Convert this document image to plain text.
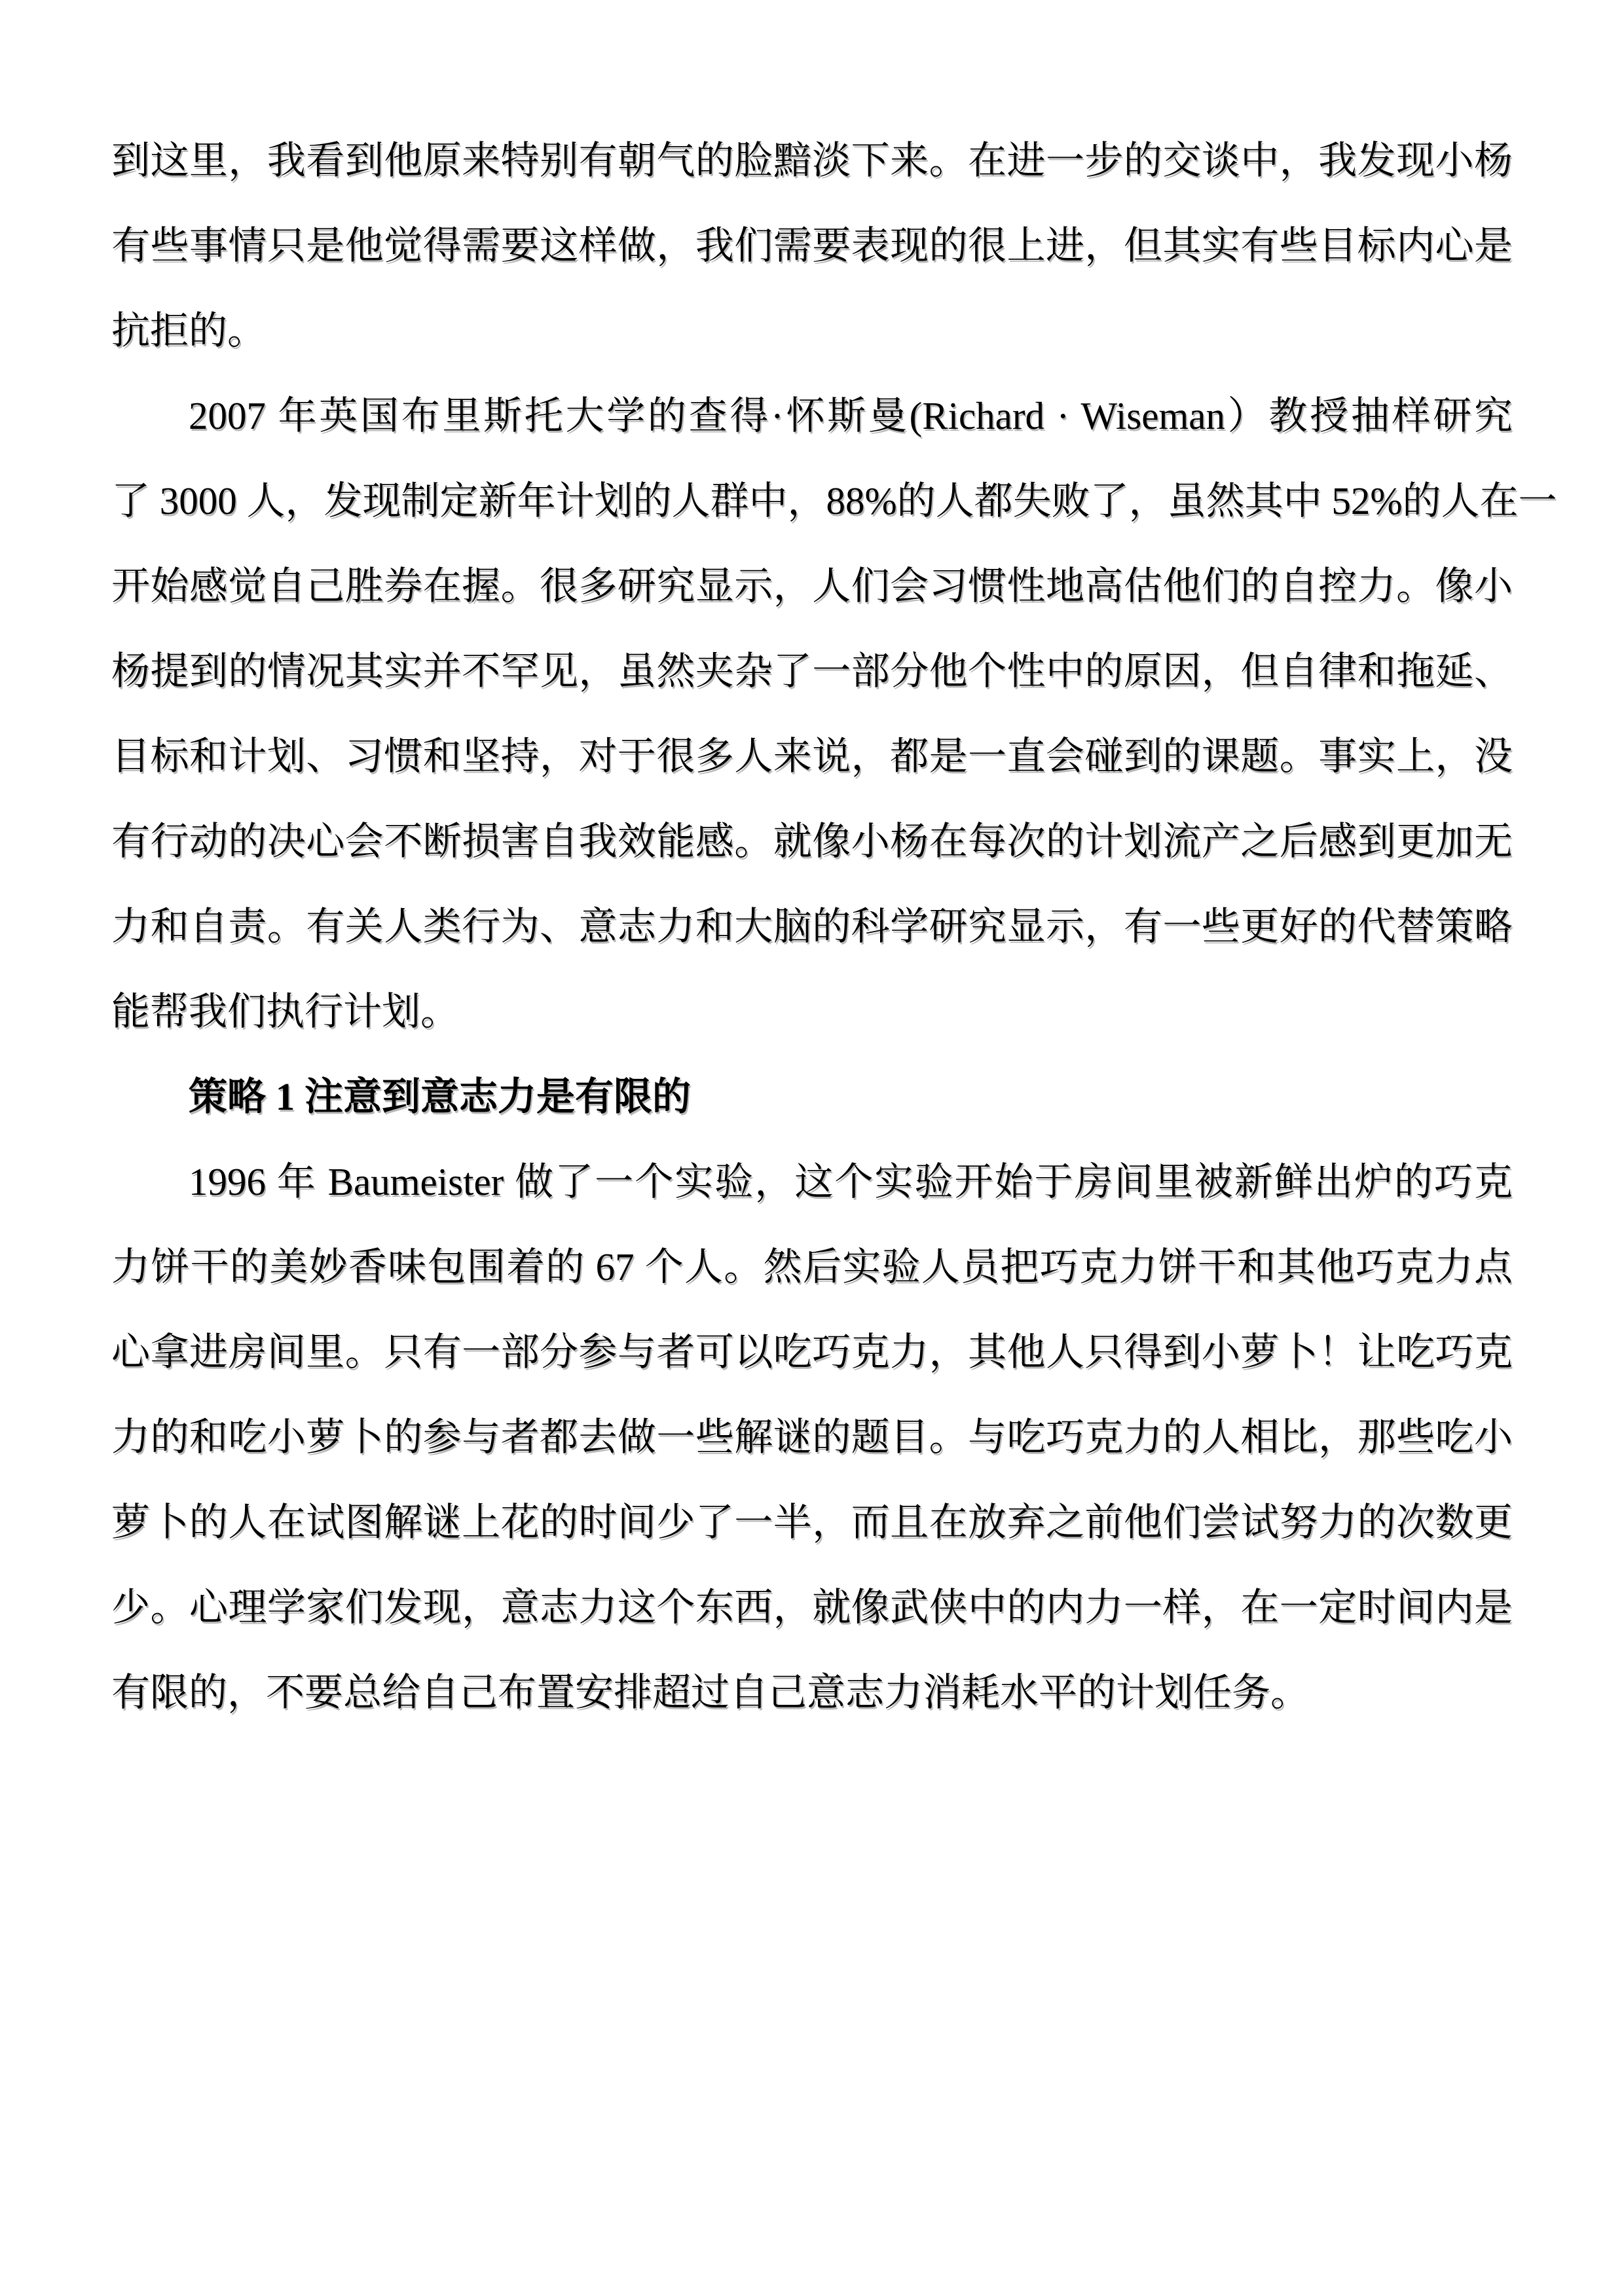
到这里，我看到他原来特别有朝气的脸黯淡下来。在进一步的交谈中，我发现小杨
有些事情只是他觉得需要这样做，我们需要表现的很上进，但其实有些目标内心是
抗拒的。
2007 年英国布里斯托大学的查得·怀斯曼(Richard · Wiseman）教授抽样研究
了 3000 人，发现制定新年计划的人群中，88%的人都失败了，虽然其中 52%的人在一
开始感觉自己胜券在握。很多研究显示，人们会习惯性地高估他们的自控力。像小
杨提到的情况其实并不罕见，虽然夹杂了一部分他个性中的原因，但自律和拖延、
目标和计划、习惯和坚持，对于很多人来说，都是一直会碰到的课题。事实上，没
有行动的决心会不断损害自我效能感。就像小杨在每次的计划流产之后感到更加无
力和自责。有关人类行为、意志力和大脑的科学研究显示，有一些更好的代替策略
能帮我们执行计划。
策略 1 注意到意志力是有限的
1996 年 Baumeister 做了一个实验，这个实验开始于房间里被新鲜出炉的巧克
力饼干的美妙香味包围着的 67 个人。然后实验人员把巧克力饼干和其他巧克力点
心拿进房间里。只有一部分参与者可以吃巧克力，其他人只得到小萝卜！让吃巧克
力的和吃小萝卜的参与者都去做一些解谜的题目。与吃巧克力的人相比，那些吃小
萝卜的人在试图解谜上花的时间少了一半，而且在放弃之前他们尝试努力的次数更
少。心理学家们发现，意志力这个东西，就像武侠中的内力一样，在一定时间内是
有限的，不要总给自己布置安排超过自己意志力消耗水平的计划任务。
